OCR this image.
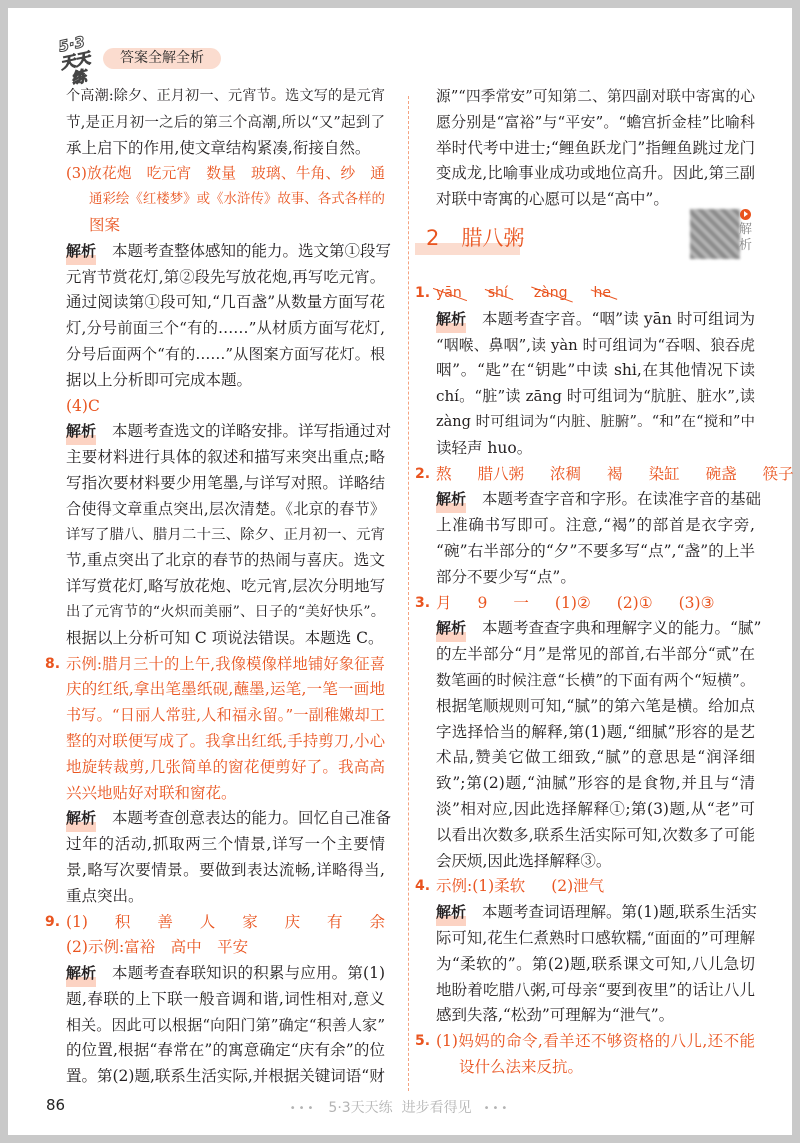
5·3
天天练
答案全解全析
个高潮:除夕、正月初一、元宵节。选文写的是元宵
节,是正月初一之后的第三个高潮,所以“又”起到了
承上启下的作用,使文章结构紧凑,衔接自然。
(3)放花炮　吃元宵　数量　玻璃、牛角、纱　通
通彩绘《红楼梦》或《水浒传》故事、各式各样的
图案
解析 本题考查整体感知的能力。选文第①段写
元宵节赏花灯,第②段先写放花炮,再写吃元宵。
通过阅读第①段可知,“几百盏”从数量方面写花
灯,分号前面三个“有的……”从材质方面写花灯,
分号后面两个“有的……”从图案方面写花灯。根
据以上分析即可完成本题。
(4)C
解析 本题考查选文的详略安排。详写指通过对
主要材料进行具体的叙述和描写来突出重点;略
写指次要材料要少用笔墨,与详写对照。详略结
合使得文章重点突出,层次清楚。《北京的春节》
详写了腊八、腊月二十三、除夕、正月初一、元宵
节,重点突出了北京的春节的热闹与喜庆。选文
详写赏花灯,略写放花炮、吃元宵,层次分明地写
出了元宵节的“火炽而美丽”、日子的“美好快乐”。
根据以上分析可知 C 项说法错误。本题选 C。
示例:腊月三十的上午,我像模像样地铺好象征喜
8.
庆的红纸,拿出笔墨纸砚,蘸墨,运笔,一笔一画地
书写。“日丽人常驻,人和福永留。”一副稚嫩却工
整的对联便写成了。我拿出红纸,手持剪刀,小心
地旋转裁剪,几张简单的窗花便剪好了。我高高
兴兴地贴好对联和窗花。
解析 本题考查创意表达的能力。回忆自己准备
过年的活动,抓取两三个情景,详写一个主要情
景,略写次要情景。要做到表达流畅,详略得当,
重点突出。
(1)积善人家庆有余
9.
(2)示例:富裕　高中　平安
解析 本题考查春联知识的积累与应用。第(1)
题,春联的上下联一般音调和谐,词性相对,意义
相关。因此可以根据“向阳门第”确定“积善人家”
的位置,根据“春常在”的寓意确定“庆有余”的位
置。第(2)题,联系生活实际,并根据关键词语“财
源”“四季常安”可知第二、第四副对联中寄寓的心
愿分别是“富裕”与“平安”。“蟾宫折金桂”比喻科
举时代考中进士;“鲤鱼跃龙门”指鲤鱼跳过龙门
变成龙,比喻事业成功或地位高升。因此,第三副
对联中寄寓的心愿可以是“高中”。
2 腊八粥	解析
1. yān shí zàng he
解析 本题考查字音。“咽”读 yān 时可组词为
“咽喉、鼻咽”,读 yàn 时可组词为“吞咽、狼吞虎
咽”。“匙”在“钥匙”中读 shi,在其他情况下读
chí。“脏”读 zāng 时可组词为“肮脏、脏水”,读
zàng 时可组词为“内脏、脏腑”。“和”在“搅和”中
读轻声 huo。
2. 熬 腊八粥 浓稠 褐 染缸 碗盏 筷子
解析 本题考查字音和字形。在读准字音的基础
上准确书写即可。注意,“褐”的部首是衣字旁,
“碗”右半部分的“夕”不要多写“点”,“盏”的上半
部分不要少写“点”。
3. 月 9 一 (1)② (2)① (3)③
解析 本题考查查字典和理解字义的能力。“腻”
的左半部分“月”是常见的部首,右半部分“贰”在
数笔画的时候注意“长横”的下面有两个“短横”。
根据笔顺规则可知,“腻”的第六笔是横。给加点
字选择恰当的解释,第(1)题,“细腻”形容的是艺
术品,赞美它做工细致,“腻”的意思是“润泽细
致”;第(2)题,“油腻”形容的是食物,并且与“清
淡”相对应,因此选择解释①;第(3)题,从“老”可
以看出次数多,联系生活实际可知,次数多了可能
会厌烦,因此选择解释③。
4. 示例:(1)柔软 (2)泄气
解析 本题考查词语理解。第(1)题,联系生活实
际可知,花生仁煮熟时口感软糯,“面面的”可理解
为“柔软的”。第(2)题,联系课文可知,八儿急切
地盼着吃腊八粥,可母亲“要到夜里”的话让八儿
感到失落,“松劲”可理解为“泄气”。
(1)妈妈的命令,看羊还不够资格的八儿,还不能
5.
设什么法来反抗。
86	••• 5·3天天练 进步看得见 •••
